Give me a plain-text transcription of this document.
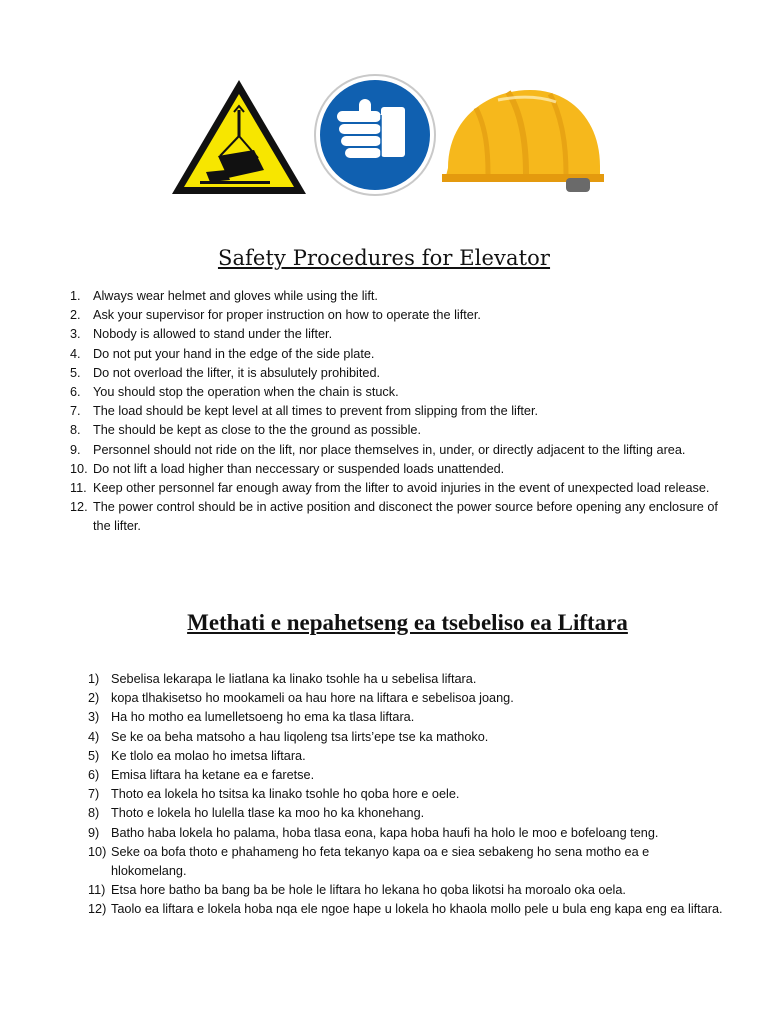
Safety Procedures for Elevator
1. Always wear helmet and gloves while using the lift.
2. Ask your supervisor for proper instruction on how to operate the lifter.
3. Nobody is allowed to stand under the lifter.
4. Do not put your hand in the edge of the side plate.
5. Do not overload the lifter, it is absulutely prohibited.
6. You should stop the operation when the chain is stuck.
7. The load should be kept level at all times to prevent from slipping from the lifter.
8. The should be kept as close to the the ground as possible.
9. Personnel should not ride on the lift, nor place themselves in, under, or directly adjacent to the lifting area.
10. Do not lift a load higher than neccessary or suspended loads unattended.
11. Keep other personnel far enough away from the lifter to avoid injuries in the event of unexpected load release.
12. The power control should be in active position and disconect the power source before opening any enclosure of the lifter.
Methati e nepahetseng ea tsebeliso ea Liftara
1) Sebelisa lekarapa le liatlana ka linako tsohle ha u sebelisa liftara.
2) kopa tlhakisetso ho mookameli oa hau hore na liftara e sebelisoa joang.
3) Ha ho motho ea lumelletsoeng ho ema ka tlasa liftara.
4) Se ke oa beha matsoho a hau liqoleng tsa lirts’epe tse ka mathoko.
5) Ke tlolo ea molao ho imetsa liftara.
6) Emisa liftara ha ketane ea e faretse.
7) Thoto ea lokela ho tsitsa ka linako tsohle ho qoba hore e oele.
8) Thoto e lokela ho lulella tlase ka moo ho ka khonehang.
9) Batho haba lokela ho palama, hoba tlasa eona, kapa hoba haufi ha holo le moo e bofeloang teng.
10) Seke oa bofa thoto e phahameng ho feta tekanyo kapa oa e siea sebakeng ho sena motho ea e hlokomelang.
11) Etsa hore batho ba bang ba be hole le liftara ho lekana ho qoba likotsi ha moroalo oka oela.
12) Taolo ea liftara e lokela hoba nqa ele ngoe hape u lokela ho khaola mollo pele u bula eng kapa eng ea liftara.
